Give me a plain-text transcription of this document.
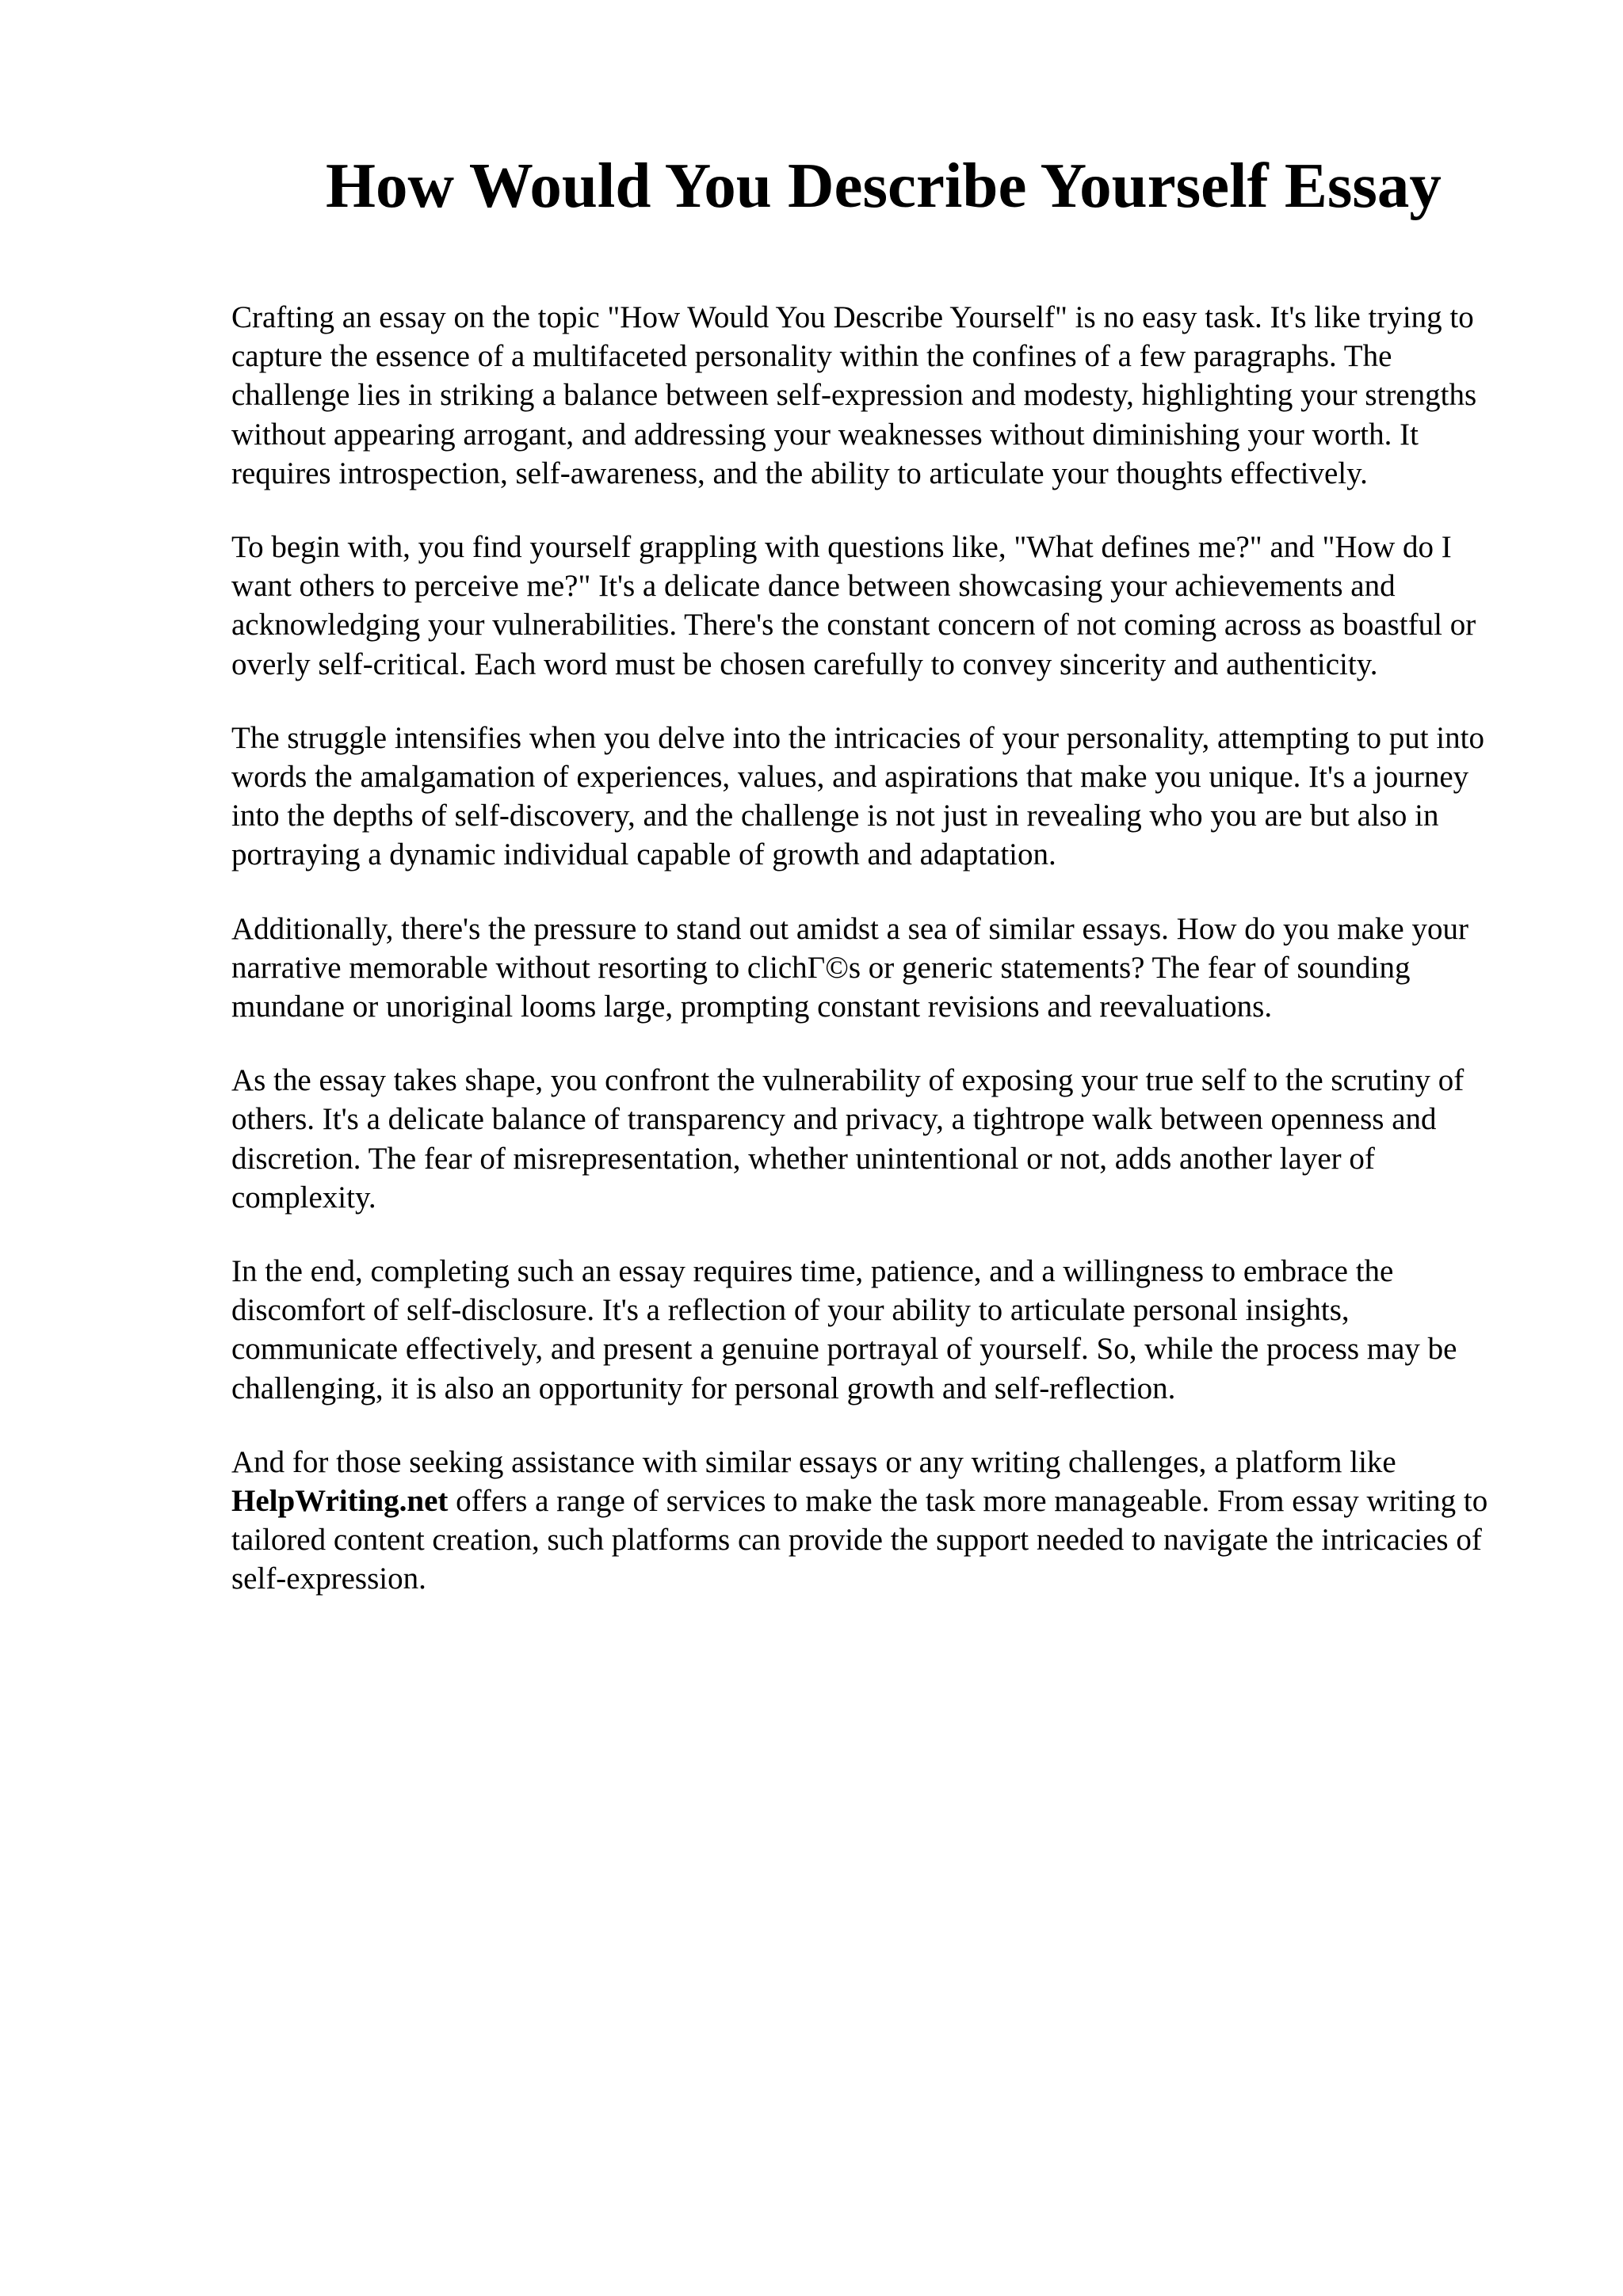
How Would You Describe Yourself Essay

Crafting an essay on the topic "How Would You Describe Yourself" is no easy task. It's like trying to capture the essence of a multifaceted personality within the confines of a few paragraphs. The challenge lies in striking a balance between self-expression and modesty, highlighting your strengths without appearing arrogant, and addressing your weaknesses without diminishing your worth. It requires introspection, self-awareness, and the ability to articulate your thoughts effectively.

To begin with, you find yourself grappling with questions like, "What defines me?" and "How do I want others to perceive me?" It's a delicate dance between showcasing your achievements and acknowledging your vulnerabilities. There's the constant concern of not coming across as boastful or overly self-critical. Each word must be chosen carefully to convey sincerity and authenticity.

The struggle intensifies when you delve into the intricacies of your personality, attempting to put into words the amalgamation of experiences, values, and aspirations that make you unique. It's a journey into the depths of self-discovery, and the challenge is not just in revealing who you are but also in portraying a dynamic individual capable of growth and adaptation.

Additionally, there's the pressure to stand out amidst a sea of similar essays. How do you make your narrative memorable without resorting to clichГ©s or generic statements? The fear of sounding mundane or unoriginal looms large, prompting constant revisions and reevaluations.

As the essay takes shape, you confront the vulnerability of exposing your true self to the scrutiny of others. It's a delicate balance of transparency and privacy, a tightrope walk between openness and discretion. The fear of misrepresentation, whether unintentional or not, adds another layer of complexity.

In the end, completing such an essay requires time, patience, and a willingness to embrace the discomfort of self-disclosure. It's a reflection of your ability to articulate personal insights, communicate effectively, and present a genuine portrayal of yourself. So, while the process may be challenging, it is also an opportunity for personal growth and self-reflection.

And for those seeking assistance with similar essays or any writing challenges, a platform like HelpWriting.net offers a range of services to make the task more manageable. From essay writing to tailored content creation, such platforms can provide the support needed to navigate the intricacies of self-expression.
